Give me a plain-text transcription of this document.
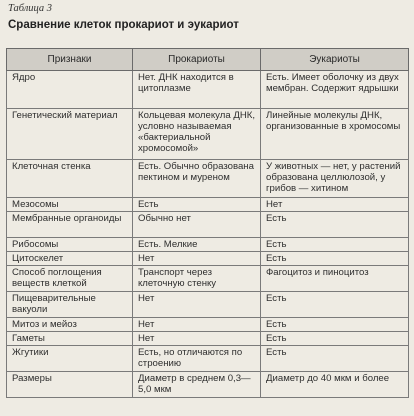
Таблица 3
Сравнение клеток прокариот и эукариот
Признаки	Прокариоты	Эукариоты
Ядро	Нет. ДНК находится в цитоплазме	Есть. Имеет оболочку из двух мембран. Содержит ядрышки
Генетический материал	Кольцевая молекула ДНК, условно называемая «бактериальной хромосомой»	Линейные молекулы ДНК, организованные в хромосомы
Клеточная стенка	Есть. Обычно образована пектином и муреном	У животных — нет, у растений образована целлюлозой, у грибов — хитином
Мезосомы	Есть	Нет
Мембранные органоиды	Обычно нет	Есть
Рибосомы	Есть. Мелкие	Есть
Цитоскелет	Нет	Есть
Способ поглощения веществ клеткой	Транспорт через клеточную стенку	Фагоцитоз и пиноцитоз
Пищеварительные вакуоли	Нет	Есть
Митоз и мейоз	Нет	Есть
Гаметы	Нет	Есть
Жгутики	Есть, но отличаются по строению	Есть
Размеры	Диаметр в среднем 0,3—5,0 мкм	Диаметр до 40 мкм и более
